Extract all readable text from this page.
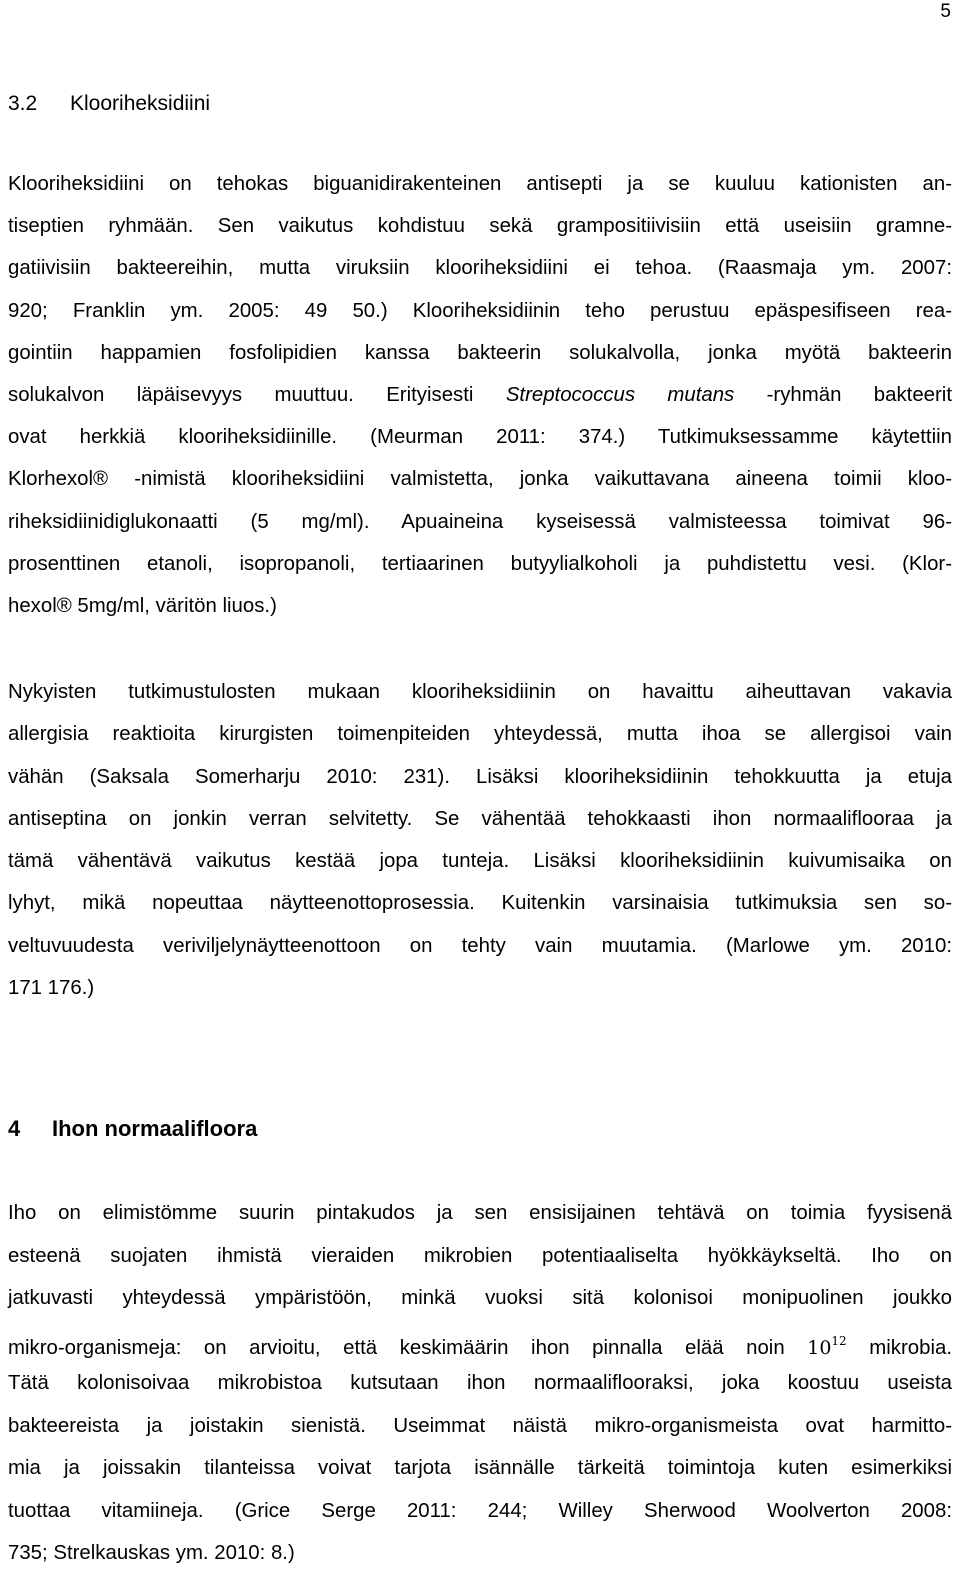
5
3.2 Klooriheksidiini
Klooriheksidiini on tehokas biguanidirakenteinen antisepti ja se kuuluu kationisten an-
tiseptien ryhmään. Sen vaikutus kohdistuu sekä grampositiivisiin että useisiin gramne-
gatiivisiin bakteereihin, mutta viruksiin klooriheksidiini ei tehoa. (Raasmaja ym. 2007:
920; Franklin ym. 2005: 49 50.) Klooriheksidiinin teho perustuu epäspesifiseen rea-
gointiin happamien fosfolipidien kanssa bakteerin solukalvolla, jonka myötä bakteerin
solukalvon läpäisevyys muuttuu. Erityisesti Streptococcus mutans -ryhmän bakteerit
ovat herkkiä klooriheksidiinille. (Meurman 2011: 374.) Tutkimuksessamme käytettiin
Klorhexol® -nimistä klooriheksidiini valmistetta, jonka vaikuttavana aineena toimii kloo-
riheksidiinidiglukonaatti (5 mg/ml). Apuaineina kyseisessä valmisteessa toimivat 96-
prosenttinen etanoli, isopropanoli, tertiaarinen butyylialkoholi ja puhdistettu vesi. (Klor-
hexol® 5mg/ml, väritön liuos.)
Nykyisten tutkimustulosten mukaan klooriheksidiinin on havaittu aiheuttavan vakavia
allergisia reaktioita kirurgisten toimenpiteiden yhteydessä, mutta ihoa se allergisoi vain
vähän (Saksala Somerharju 2010: 231). Lisäksi klooriheksidiinin tehokkuutta ja etuja
antiseptina on jonkin verran selvitetty. Se vähentää tehokkaasti ihon normaaliflooraa ja
tämä vähentävä vaikutus kestää jopa tunteja. Lisäksi klooriheksidiinin kuivumisaika on
lyhyt, mikä nopeuttaa näytteenottoprosessia. Kuitenkin varsinaisia tutkimuksia sen so-
veltuvuudesta veriviljelynäytteenottoon on tehty vain muutamia. (Marlowe ym. 2010:
171 176.)
4 Ihon normaalifloora
Iho on elimistömme suurin pintakudos ja sen ensisijainen tehtävä on toimia fyysisenä
esteenä suojaten ihmistä vieraiden mikrobien potentiaaliselta hyökkäykseltä. Iho on
jatkuvasti yhteydessä ympäristöön, minkä vuoksi sitä kolonisoi monipuolinen joukko
mikro-organismeja: on arvioitu, että keskimäärin ihon pinnalla elää noin $10^{12}$ mikrobia.
Tätä kolonisoivaa mikrobistoa kutsutaan ihon normaaliflooraksi, joka koostuu useista
bakteereista ja joistakin sienistä. Useimmat näistä mikro-organismeista ovat harmitto-
mia ja joissakin tilanteissa voivat tarjota isännälle tärkeitä toimintoja kuten esimerkiksi
tuottaa vitamiineja. (Grice Serge 2011: 244; Willey Sherwood Woolverton 2008:
735; Strelkauskas ym. 2010: 8.)
